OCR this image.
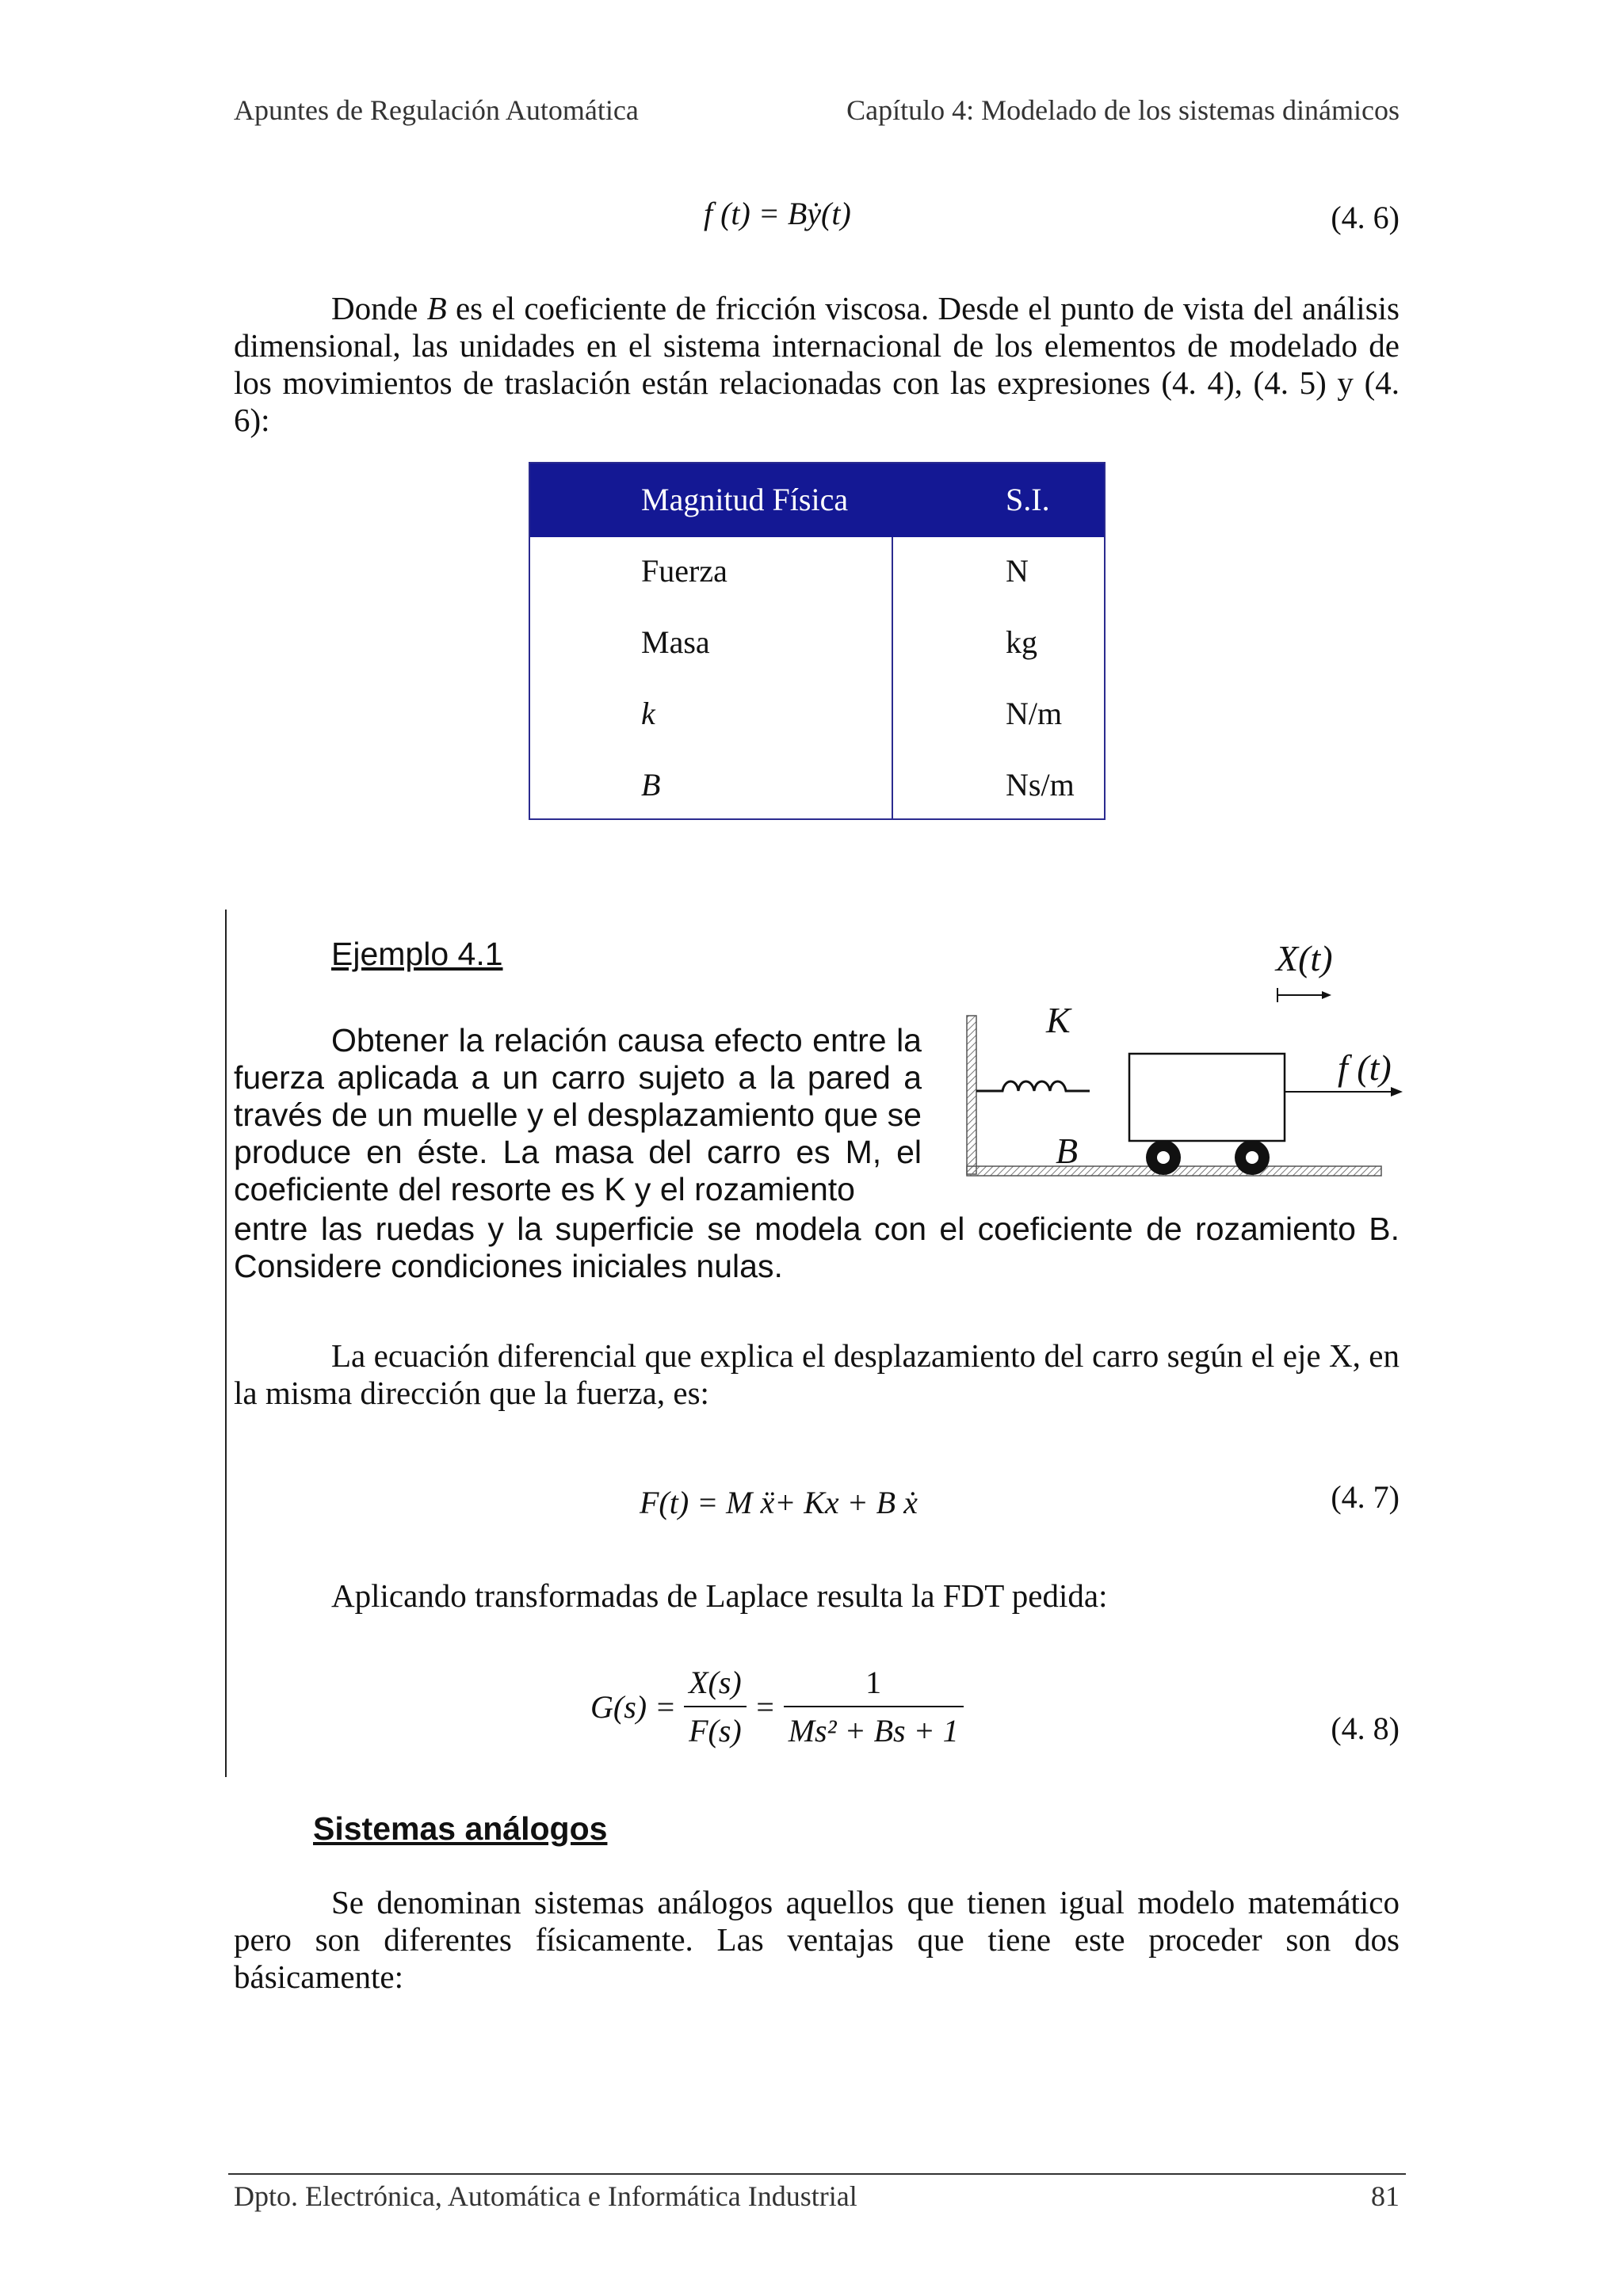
Apuntes de Regulación Automática	Capítulo 4: Modelado de los sistemas dinámicos
f (t) = Bẏ(t)	(4. 6)

Donde B es el coeficiente de fricción viscosa. Desde el punto de vista del análisis dimensional, las unidades en el sistema internacional de los elementos de modelado de los movimientos de traslación están relacionadas con las expresiones (4. 4), (4. 5) y (4. 6):

Magnitud Física	S.I.
Fuerza	N
Masa	kg
k	N/m
B	Ns/m
Ejemplo 4.1

Obtener la relación causa efecto entre la fuerza aplicada a un carro sujeto a la pared a través de un muelle y el desplazamiento que se produce en éste. La masa del carro es M, el coeficiente del resorte es K y el rozamiento

entre las ruedas y la superficie se modela con el coeficiente de rozamiento B. Considere condiciones iniciales nulas.

X(t)
K
B
f (t)

La ecuación diferencial que explica el desplazamiento del carro según el eje X, en la misma dirección que la fuerza, es:

F(t) = M ẍ+ Kx + B ẋ	(4. 7)

Aplicando transformadas de Laplace resulta la FDT pedida:

$G(s) = \frac{X(s)}{F(s)} = \frac{1}{\text{Ms² + Bs + 1}}$	(4. 8)
Sistemas análogos

Se denominan sistemas análogos aquellos que tienen igual modelo matemático pero son diferentes físicamente. Las ventajas que tiene este proceder son dos básicamente:

Dpto. Electrónica, Automática e Informática Industrial	81
